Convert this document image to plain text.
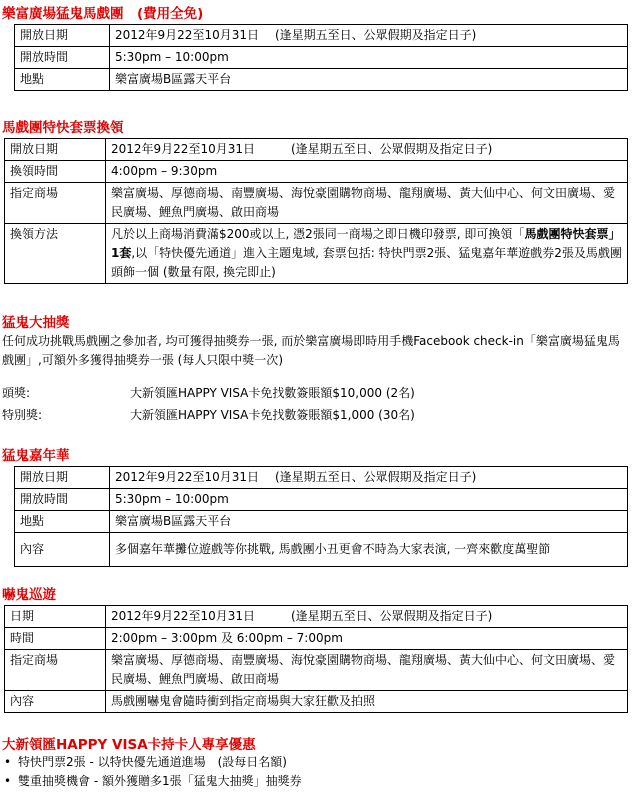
樂富廣場猛鬼馬戲團　(費用全免)
開放日期	2012年9月22至10月31日 (逢星期五至日、公眾假期及指定日子)
開放時間	5:30pm – 10:00pm
地點	樂富廣場B區露天平台
馬戲團特快套票換領
開放日期	2012年9月22至10月31日 (逢星期五至日、公眾假期及指定日子)
換領時間	4:00pm – 9:30pm
指定商場	樂富廣場、厚德商場、南豐廣場、海悅豪園購物商場、龍翔廣場、黃大仙中心、何文田廣場、愛民廣場、鯉魚門廣場、啟田商場
換領方法	凡於以上商場消費滿$200或以上, 憑2張同一商場之即日機印發票, 即可換領「馬戲團特快套票」1套,以「特快優先通道」進入主題鬼域, 套票包括: 特快門票2張、猛鬼嘉年華遊戲券2張及馬戲團頭飾一個 (數量有限, 換完即止)
猛鬼大抽獎

任何成功挑戰馬戲團之參加者, 均可獲得抽獎券一張, 而於樂富廣場即時用手機Facebook check-in「樂富廣場猛鬼馬戲團」,可額外多獲得抽獎券一張 (每人只限中獎一次)

頭獎:	大新領匯HAPPY VISA卡免找數簽賬額$10,000 (2名)
特別獎:	大新領匯HAPPY VISA卡免找數簽賬額$1,000 (30名)
猛鬼嘉年華
開放日期	2012年9月22至10月31日 (逢星期五至日、公眾假期及指定日子)
開放時間	5:30pm – 10:00pm
地點	樂富廣場B區露天平台
內容	多個嘉年華攤位遊戲等你挑戰, 馬戲團小丑更會不時為大家表演, 一齊來歡度萬聖節
嚇鬼巡遊
日期	2012年9月22至10月31日 (逢星期五至日、公眾假期及指定日子)
時間	2:00pm – 3:00pm 及 6:00pm – 7:00pm
指定商場	樂富廣場、厚德商場、南豐廣場、海悅豪園購物商場、龍翔廣場、黃大仙中心、何文田廣場、愛民廣場、鯉魚門廣場、啟田商場
內容	馬戲團嚇鬼會隨時衝到指定商場與大家狂歡及拍照
大新領匯HAPPY VISA卡持卡人專享優惠
• 特快門票2張 - 以特快優先通道進場　(設每日名額)
• 雙重抽獎機會 - 額外獲贈多1張「猛鬼大抽獎」抽獎券
